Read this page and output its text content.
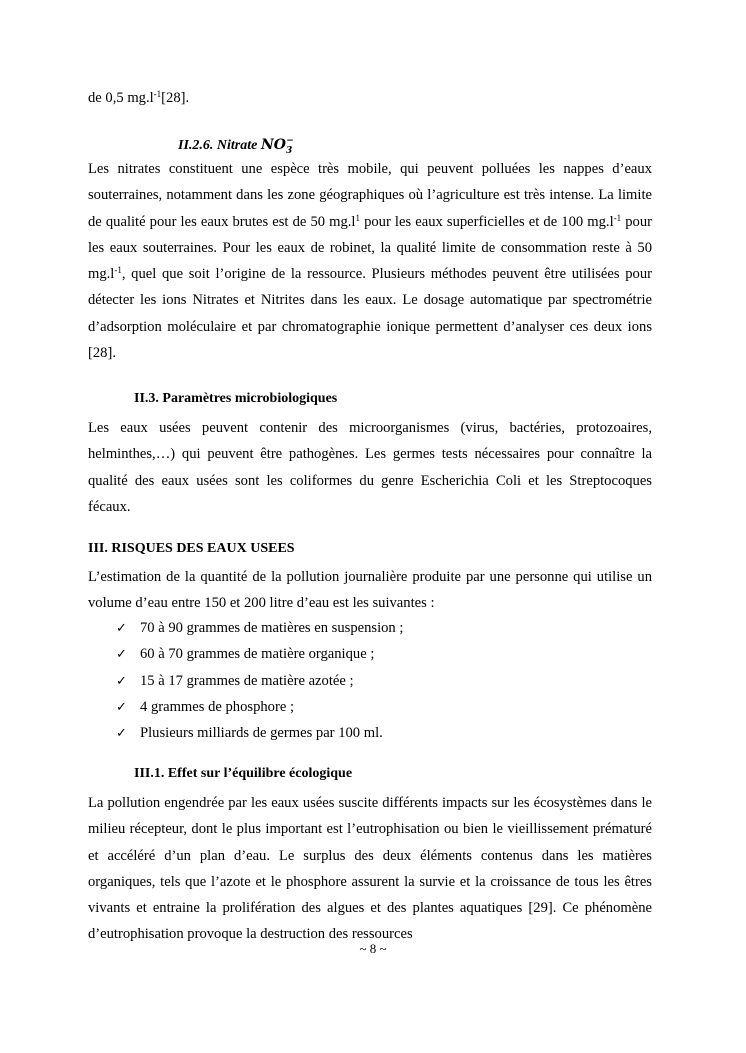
de 0,5 $mg.l^{-1}[28]$.
II.2.6. Nitrate $NO_3^-$

Les nitrates constituent une espèce très mobile, qui peuvent polluées les nappes d’eaux souterraines, notamment dans les zone géographiques où l’agriculture est très intense. La limite de qualité pour les eaux brutes est de 50 $mg.l^1$ pour les eaux superficielles et de 100 $mg.l^{-1}$ pour les eaux souterraines. Pour les eaux de robinet, la qualité limite de consommation reste à 50 $mg.l^{-1}$, quel que soit l’origine de la ressource. Plusieurs méthodes peuvent être utilisées pour détecter les ions Nitrates et Nitrites dans les eaux. Le dosage automatique par spectrométrie d’adsorption moléculaire et par chromatographie ionique permettent d’analyser ces deux ions [28].

II.3. Paramètres microbiologiques

Les eaux usées peuvent contenir des microorganismes (virus, bactéries, protozoaires, helminthes,…) qui peuvent être pathogènes. Les germes tests nécessaires pour connaître la qualité des eaux usées sont les coliformes du genre Escherichia Coli et les Streptocoques fécaux.

III. RISQUES DES EAUX USEES

L’estimation de la quantité de la pollution journalière produite par une personne qui utilise un volume d’eau entre 150 et 200 litre d’eau est les suivantes :

✓ 70 à 90 grammes de matières en suspension ;
✓ 60 à 70 grammes de matière organique ;
✓ 15 à 17 grammes de matière azotée ;
✓ 4 grammes de phosphore ;
✓ Plusieurs milliards de germes par 100 ml.
III.1. Effet sur l’équilibre écologique

La pollution engendrée par les eaux usées suscite différents impacts sur les écosystèmes dans le milieu récepteur, dont le plus important est l’eutrophisation ou bien le vieillissement prématuré et accéléré d’un plan d’eau. Le surplus des deux éléments contenus dans les matières organiques, tels que l’azote et le phosphore assurent la survie et la croissance de tous les êtres vivants et entraine la prolifération des algues et des plantes aquatiques [29]. Ce phénomène d’eutrophisation provoque la destruction des ressources

~ 8 ~
